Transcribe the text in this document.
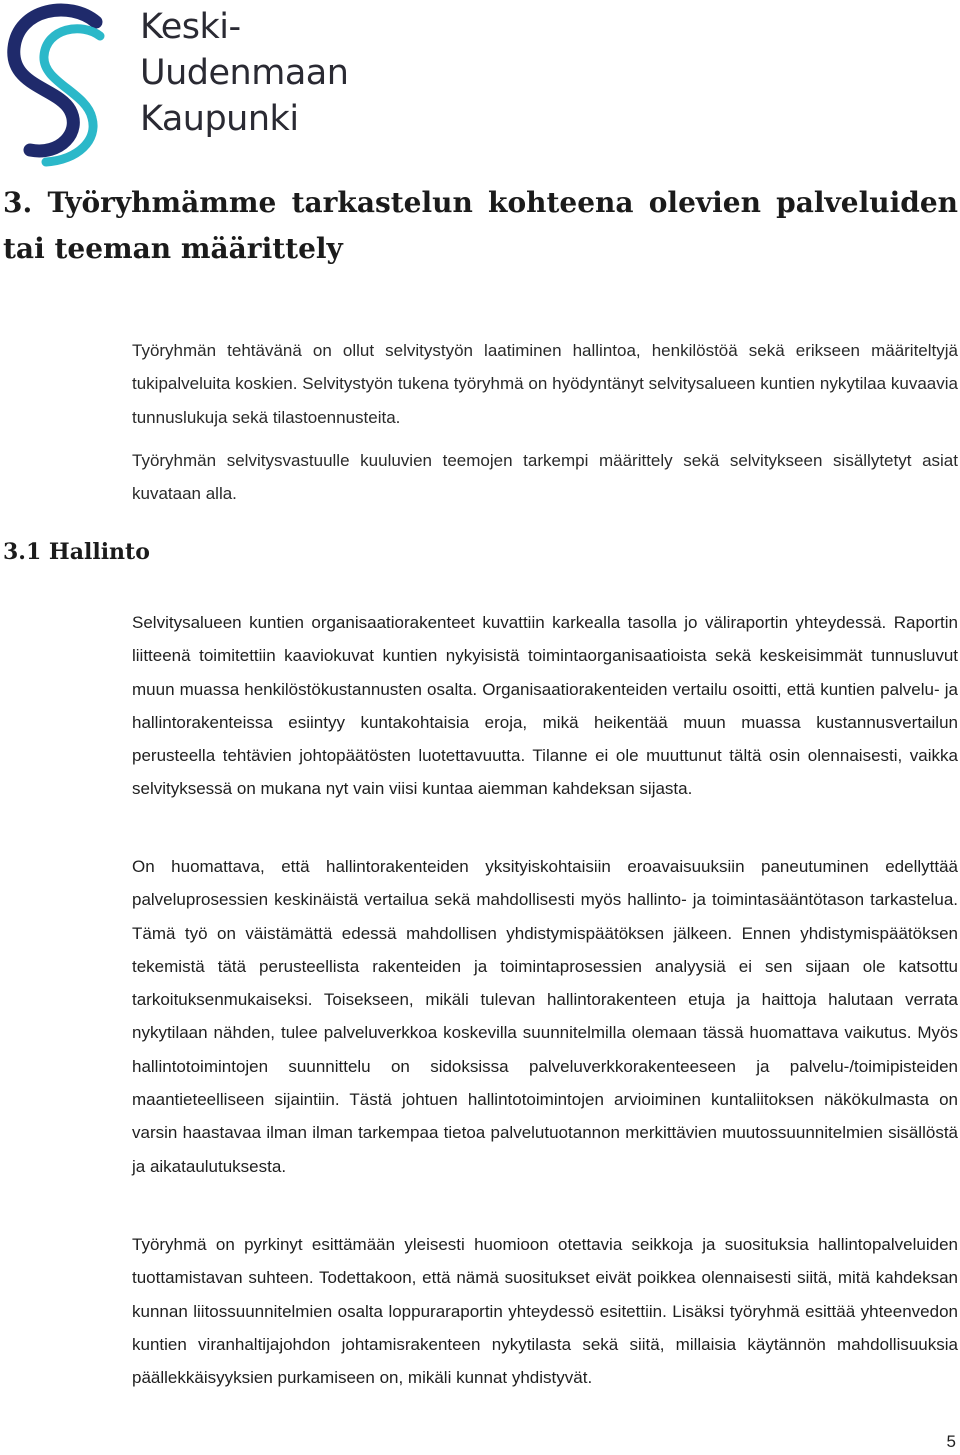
Keski-
Uudenmaan
Kaupunki
3. Työryhmämme tarkastelun kohteena olevien palveluiden tai teeman määrittely

Työryhmän tehtävänä on ollut selvitystyön laatiminen hallintoa, henkilöstöä sekä erikseen määriteltyjä tukipalveluita koskien. Selvitystyön tukena työryhmä on hyödyntänyt selvitysalueen kuntien nykytilaa kuvaavia tunnuslukuja sekä tilastoennusteita.

Työryhmän selvitysvastuulle kuuluvien teemojen tarkempi määrittely sekä selvitykseen sisällytetyt asiat kuvataan alla.

3.1 Hallinto

Selvitysalueen kuntien organisaatiorakenteet kuvattiin karkealla tasolla jo väliraportin yhteydessä. Raportin liitteenä toimitettiin kaaviokuvat kuntien nykyisistä toimintaorganisaatioista sekä keskeisimmät tunnusluvut muun muassa henkilöstökustannusten osalta. Organisaatiorakenteiden vertailu osoitti, että kuntien palvelu- ja hallintorakenteissa esiintyy kuntakohtaisia eroja, mikä heikentää muun muassa kustannusvertailun perusteella tehtävien johtopäätösten luotettavuutta. Tilanne ei ole muuttunut tältä osin olennaisesti, vaikka selvityksessä on mukana nyt vain viisi kuntaa aiemman kahdeksan sijasta.

On huomattava, että hallintorakenteiden yksityiskohtaisiin eroavaisuuksiin paneutuminen edellyttää palveluprosessien keskinäistä vertailua sekä mahdollisesti myös hallinto- ja toimintasääntötason tarkastelua. Tämä työ on väistämättä edessä mahdollisen yhdistymispäätöksen jälkeen. Ennen yhdistymispäätöksen tekemistä tätä perusteellista rakenteiden ja toimintaprosessien analyysiä ei sen sijaan ole katsottu tarkoituksenmukaiseksi. Toisekseen, mikäli tulevan hallintorakenteen etuja ja haittoja halutaan verrata nykytilaan nähden, tulee palveluverkkoa koskevilla suunnitelmilla olemaan tässä huomattava vaikutus. Myös hallintotoimintojen suunnittelu on sidoksissa palveluverkkorakenteeseen ja palvelu-/toimipisteiden maantieteelliseen sijaintiin. Tästä johtuen hallintotoimintojen arvioiminen kuntaliitoksen näkökulmasta on varsin haastavaa ilman ilman tarkempaa tietoa palvelutuotannon merkittävien muutossuunnitelmien sisällöstä ja aikataulutuksesta.

Työryhmä on pyrkinyt esittämään yleisesti huomioon otettavia seikkoja ja suosituksia hallintopalveluiden tuottamistavan suhteen. Todettakoon, että nämä suositukset eivät poikkea olennaisesti siitä, mitä kahdeksan kunnan liitossuunnitelmien osalta loppuraraportin yhteydessö esitettiin. Lisäksi työryhmä esittää yhteenvedon kuntien viranhaltijajohdon johtamisrakenteen nykytilasta sekä siitä, millaisia käytännön mahdollisuuksia päällekkäisyyksien purkamiseen on, mikäli kunnat yhdistyvät.

5
